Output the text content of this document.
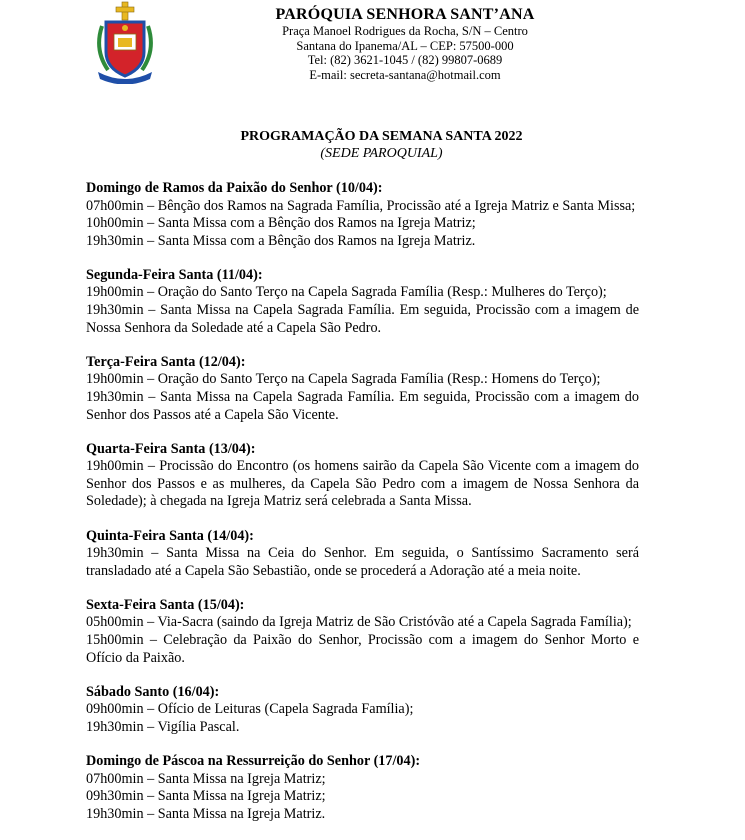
PARÓQUIA SENHORA SANT’ANA
Praça Manoel Rodrigues da Rocha, S/N – Centro
Santana do Ipanema/AL – CEP: 57500-000
Tel: (82) 3621-1045 / (82) 99807-0689
E-mail: secreta-santana@hotmail.com
PROGRAMAÇÃO DA SEMANA SANTA 2022
(SEDE PAROQUIAL)
Domingo de Ramos da Paixão do Senhor (10/04):
07h00min – Bênção dos Ramos na Sagrada Família, Procissão até a Igreja Matriz e Santa Missa;
10h00min – Santa Missa com a Bênção dos Ramos na Igreja Matriz;
19h30min – Santa Missa com a Bênção dos Ramos na Igreja Matriz.
Segunda-Feira Santa (11/04):
19h00min – Oração do Santo Terço na Capela Sagrada Família (Resp.: Mulheres do Terço);
19h30min – Santa Missa na Capela Sagrada Família. Em seguida, Procissão com a imagem de Nossa Senhora da Soledade até a Capela São Pedro.
Terça-Feira Santa (12/04):
19h00min – Oração do Santo Terço na Capela Sagrada Família (Resp.: Homens do Terço);
19h30min – Santa Missa na Capela Sagrada Família. Em seguida, Procissão com a imagem do Senhor dos Passos até a Capela São Vicente.
Quarta-Feira Santa (13/04):
19h00min – Procissão do Encontro (os homens sairão da Capela São Vicente com a imagem do Senhor dos Passos e as mulheres, da Capela São Pedro com a imagem de Nossa Senhora da Soledade); à chegada na Igreja Matriz será celebrada a Santa Missa.
Quinta-Feira Santa (14/04):
19h30min – Santa Missa na Ceia do Senhor. Em seguida, o Santíssimo Sacramento será transladado até a Capela São Sebastião, onde se procederá a Adoração até a meia noite.
Sexta-Feira Santa (15/04):
05h00min – Via-Sacra (saindo da Igreja Matriz de São Cristóvão até a Capela Sagrada Família);
15h00min – Celebração da Paixão do Senhor, Procissão com a imagem do Senhor Morto e Ofício da Paixão.
Sábado Santo (16/04):
09h00min – Ofício de Leituras (Capela Sagrada Família);
19h30min – Vigília Pascal.
Domingo de Páscoa na Ressurreição do Senhor (17/04):
07h00min – Santa Missa na Igreja Matriz;
09h30min – Santa Missa na Igreja Matriz;
19h30min – Santa Missa na Igreja Matriz.
